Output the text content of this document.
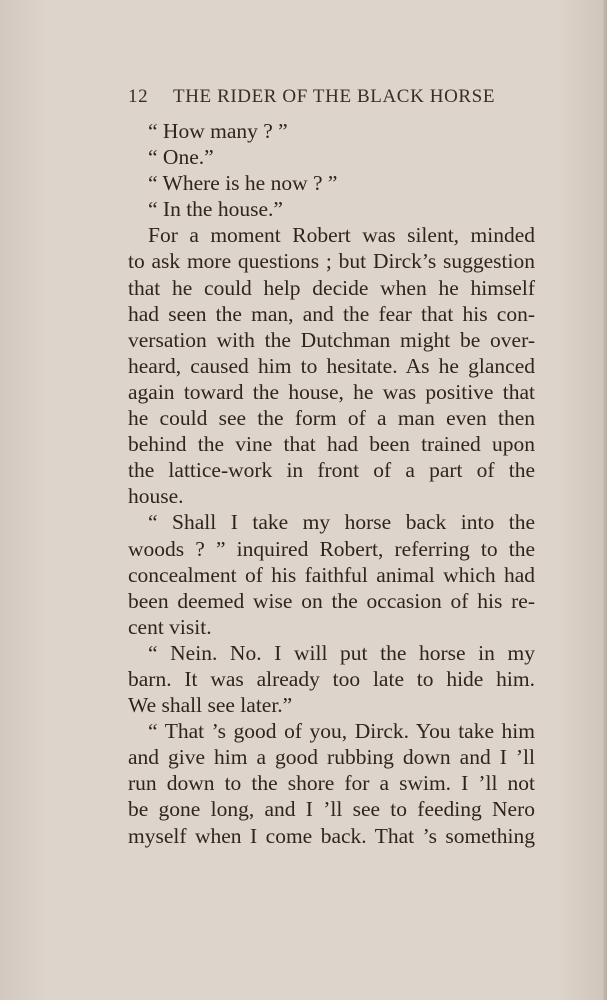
12 THE RIDER OF THE BLACK HORSE
“ How many ? ”
“ One.”
“ Where is he now ? ”
“ In the house.”
For a moment Robert was silent, minded
to ask more questions ; but Dirck’s suggestion
that he could help decide when he himself
had seen the man, and the fear that his con-
versation with the Dutchman might be over-
heard, caused him to hesitate. As he glanced
again toward the house, he was positive that
he could see the form of a man even then
behind the vine that had been trained upon
the lattice-work in front of a part of the
house.
“ Shall I take my horse back into the
woods ? ” inquired Robert, referring to the
concealment of his faithful animal which had
been deemed wise on the occasion of his re-
cent visit.
“ Nein. No. I will put the horse in my
barn. It was already too late to hide him.
We shall see later.”
“ That ’s good of you, Dirck. You take him
and give him a good rubbing down and I ’ll
run down to the shore for a swim. I ’ll not
be gone long, and I ’ll see to feeding Nero
myself when I come back. That ’s something
